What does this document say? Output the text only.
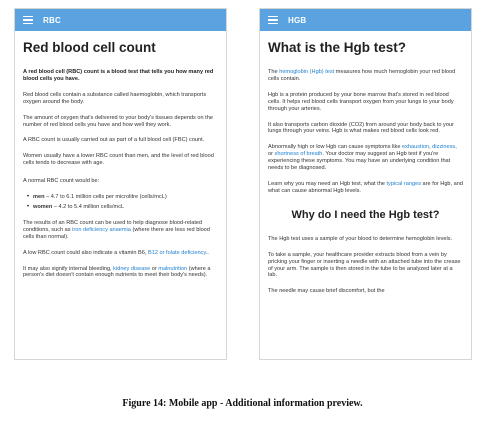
RBC
Red blood cell count

A red blood cell (RBC) count is a blood test that tells you how many red blood cells you have.

Red blood cells contain a substance called haemoglobin, which transports oxygen around the body.

The amount of oxygen that's delivered to your body's tissues depends on the number of red blood cells you have and how well they work.

A RBC count is usually carried out as part of a full blood cell (FBC) count.

Women usually have a lower RBC count than men, and the level of red blood cells tends to decrease with age.

A normal RBC count would be:

• men – 4.7 to 6.1 million cells per microlitre (cells/mcL)
• women – 4.2 to 5.4 million cells/mcL

The results of an RBC count can be used to help diagnose blood-related conditions, such as iron deficiency anaemia (where there are less red blood cells than normal).

A low RBC count could also indicate a vitamin B6, B12 or folate deficiency..

It may also signify internal bleeding, kidney disease or malnutrition (where a person's diet doesn't contain enough nutrients to meet their body's needs).

HGB
What is the Hgb test?

The hemoglobin (Hgb) test measures how much hemoglobin your red blood cells contain.

Hgb is a protein produced by your bone marrow that's stored in red blood cells. It helps red blood cells transport oxygen from your lungs to your body through your arteries.

It also transports carbon dioxide (CO2) from around your body back to your lungs through your veins. Hgb is what makes red blood cells look red.

Abnormally high or low Hgb can cause symptoms like exhaustion, dizziness, or shortness of breath. Your doctor may suggest an Hgb test if you're experiencing these symptoms. You may have an underlying condition that needs to be diagnosed.

Learn why you may need an Hgb test, what the typical ranges are for Hgb, and what can cause abnormal Hgb levels.

Why do I need the Hgb test?

The Hgb test uses a sample of your blood to determine hemoglobin levels.

To take a sample, your healthcare provider extracts blood from a vein by pricking your finger or inserting a needle with an attached tube into the crease of your arm. The sample is then stored in the tube to be analyzed later at a lab.

The needle may cause brief discomfort, but the

Figure 14: Mobile app - Additional information preview.
